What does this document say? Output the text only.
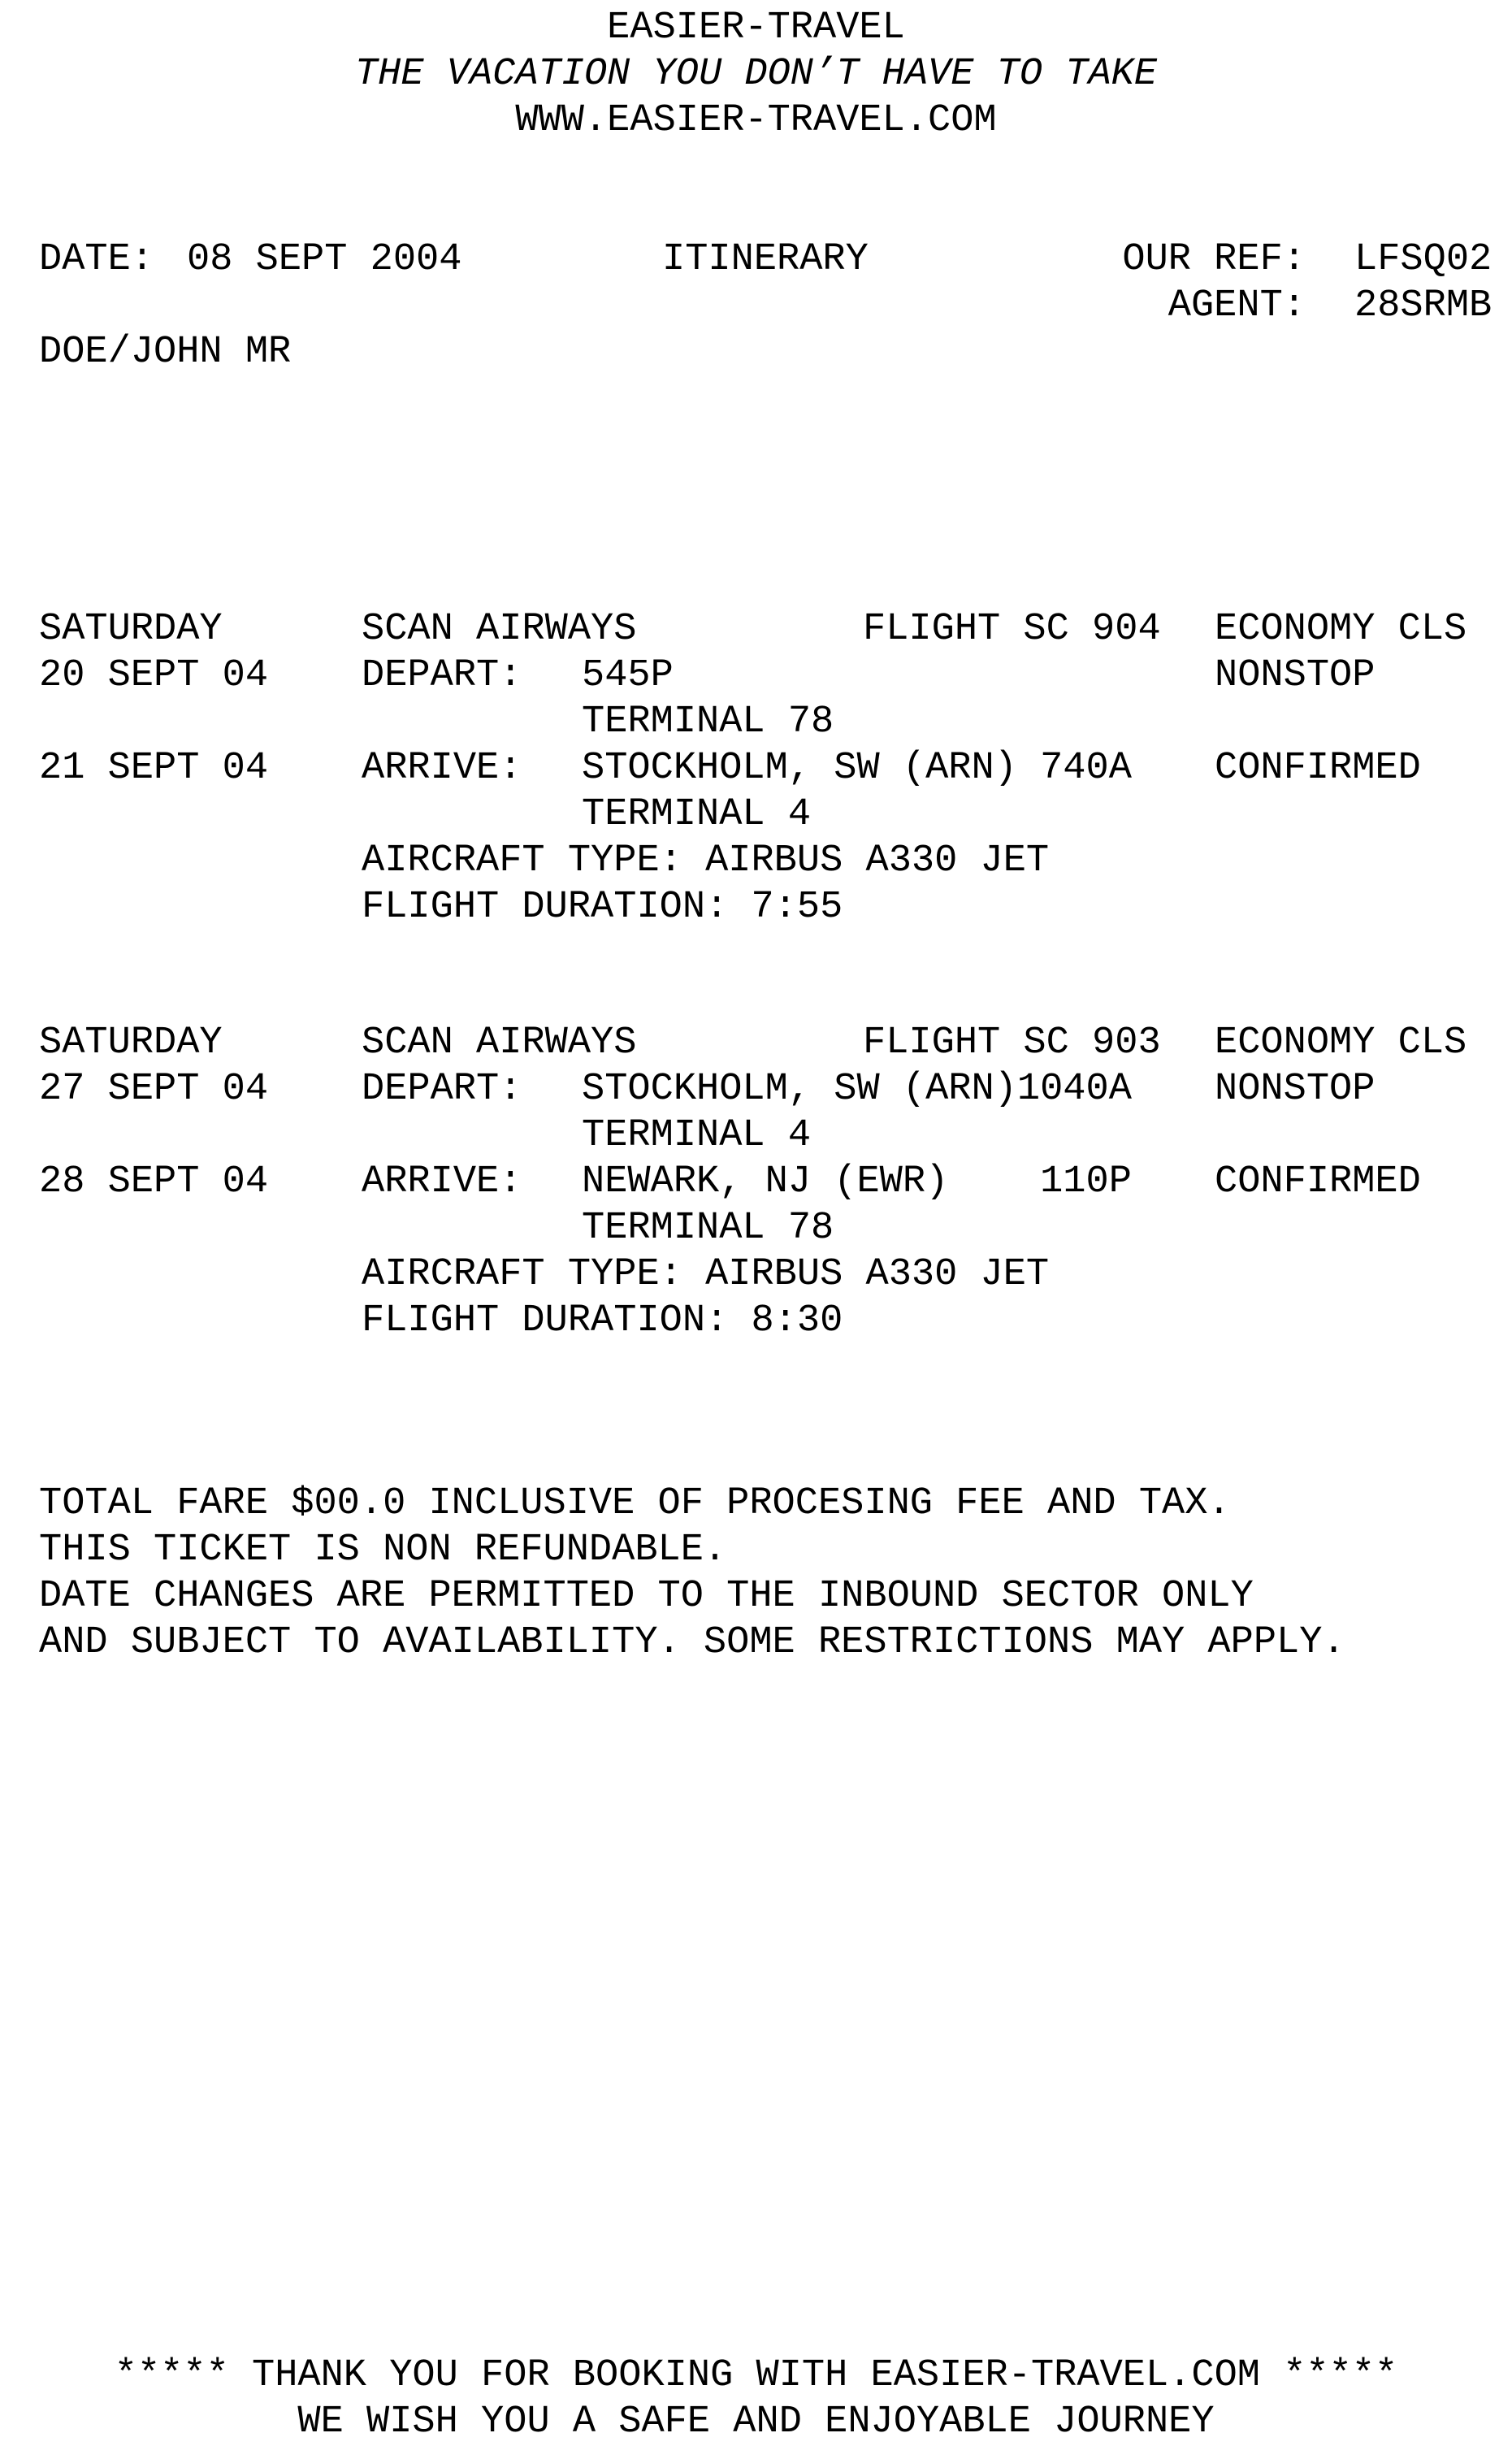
EASIER-TRAVEL
THE VACATION YOU DON’T HAVE TO TAKE
WWW.EASIER-TRAVEL.COM
DATE: 08 SEPT 2004	ITINERARY	OUR REF: LFSQ02
AGENT: 28SRMB
DOE/JOHN MR
SATURDAY	SCAN AIRWAYS	FLIGHT SC 904 ECONOMY CLS
20 SEPT 04 DEPART: 545P	NONSTOP
TERMINAL 78
21 SEPT 04 ARRIVE: STOCKHOLM, SW (ARN) 740A CONFIRMED
TERMINAL 4
AIRCRAFT TYPE: AIRBUS A330 JET
FLIGHT DURATION: 7:55
SATURDAY	SCAN AIRWAYS	FLIGHT SC 903 ECONOMY CLS
27 SEPT 04 DEPART: STOCKHOLM, SW (ARN)1040A NONSTOP
TERMINAL 4
28 SEPT 04 ARRIVE: NEWARK, NJ (EWR)    110P CONFIRMED
TERMINAL 78
AIRCRAFT TYPE: AIRBUS A330 JET
FLIGHT DURATION: 8:30
TOTAL FARE $00.0 INCLUSIVE OF PROCESING FEE AND TAX.
THIS TICKET IS NON REFUNDABLE.
DATE CHANGES ARE PERMITTED TO THE INBOUND SECTOR ONLY
AND SUBJECT TO AVAILABILITY. SOME RESTRICTIONS MAY APPLY.
***** THANK YOU FOR BOOKING WITH EASIER-TRAVEL.COM *****
WE WISH YOU A SAFE AND ENJOYABLE JOURNEY
